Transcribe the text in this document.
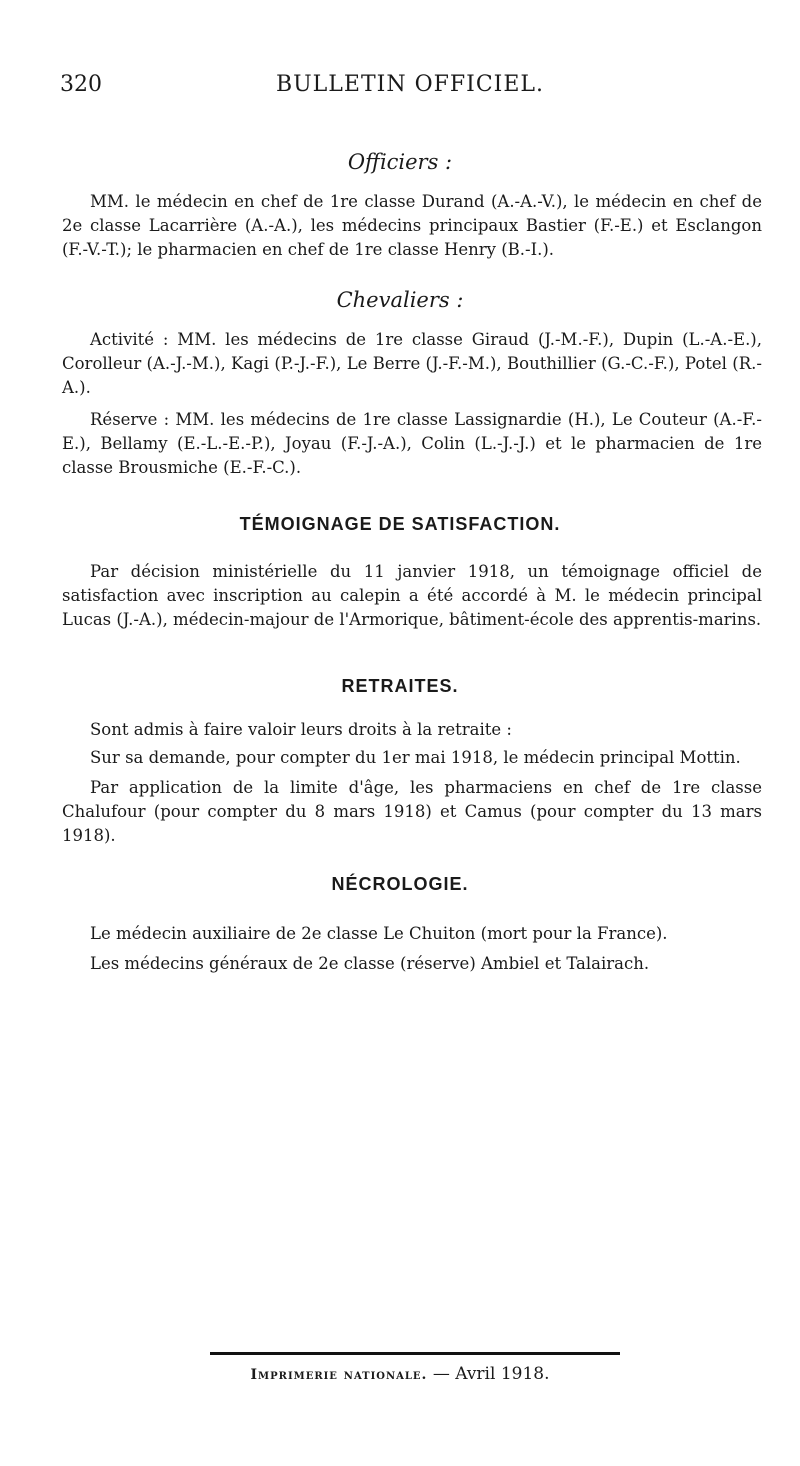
320	BULLETIN OFFICIEL.
Officiers :
MM. le médecin en chef de 1re classe Durand (A.-A.-V.), le médecin en chef de 2e classe Lacarrière (A.-A.), les médecins principaux Bastier (F.-E.) et Esclangon (F.-V.-T.); le pharmacien en chef de 1re classe Henry (B.-I.).
Chevaliers :
Activité : MM. les médecins de 1re classe Giraud (J.-M.-F.), Dupin (L.-A.-E.), Corolleur (A.-J.-M.), Kagi (P.-J.-F.), Le Berre (J.-F.-M.), Bouthillier (G.-C.-F.), Potel (R.-A.).
Réserve : MM. les médecins de 1re classe Lassignardie (H.), Le Couteur (A.-F.-E.), Bellamy (E.-L.-E.-P.), Joyau (F.-J.-A.), Colin (L.-J.-J.) et le pharmacien de 1re classe Brousmiche (E.-F.-C.).
TÉMOIGNAGE DE SATISFACTION.
Par décision ministérielle du 11 janvier 1918, un témoignage officiel de satisfaction avec inscription au calepin a été accordé à M. le médecin principal Lucas (J.-A.), médecin-majour de l'Armorique, bâtiment-école des apprentis-marins.
RETRAITES.
Sont admis à faire valoir leurs droits à la retraite :
Sur sa demande, pour compter du 1er mai 1918, le médecin principal Mottin.
Par application de la limite d'âge, les pharmaciens en chef de 1re classe Chalufour (pour compter du 8 mars 1918) et Camus (pour compter du 13 mars 1918).
NÉCROLOGIE.
Le médecin auxiliaire de 2e classe Le Chuiton (mort pour la France).
Les médecins généraux de 2e classe (réserve) Ambiel et Talairach.
Imprimerie nationale. — Avril 1918.
